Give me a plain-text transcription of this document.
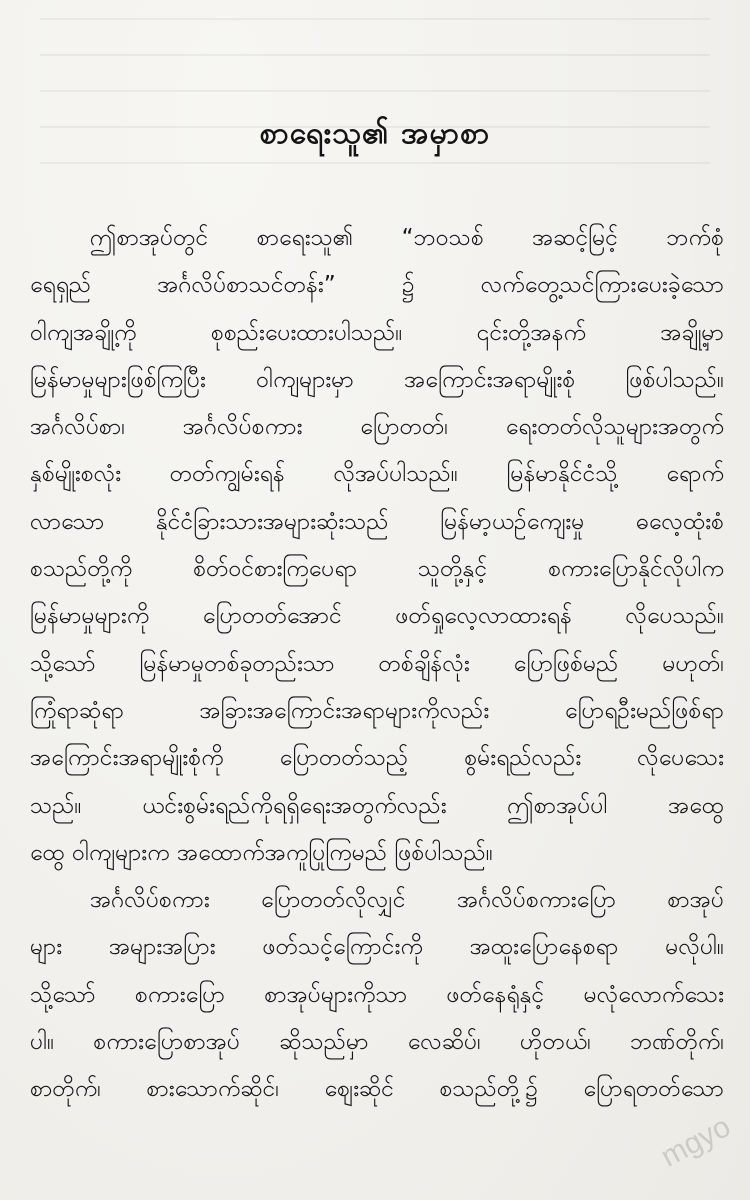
စာရေးသူ၏ အမှာစာ
ဤစာအုပ်တွင် စာရေးသူ၏ “ဘဝသစ် အဆင့်မြင့် ဘက်စုံ
ရေရှည် အင်္ဂလိပ်စာသင်တန်း” ၌ လက်တွေ့သင်ကြားပေးခဲ့သော
ဝါကျအချို့ကို စုစည်းပေးထားပါသည်။ ၎င်းတို့အနက် အချို့မှာ
မြန်မာမှုများဖြစ်ကြပြီး ဝါကျများမှာ အကြောင်းအရာမျိုးစုံ ဖြစ်ပါသည်။
အင်္ဂလိပ်စာ၊ အင်္ဂလိပ်စကား ပြောတတ်၊ ရေးတတ်လိုသူများအတွက်
နှစ်မျိုးစလုံး တတ်ကျွမ်းရန် လိုအပ်ပါသည်။ မြန်မာနိုင်ငံသို့ ရောက်
လာသော နိုင်ငံခြားသားအများဆုံးသည် မြန်မာ့ယဉ်ကျေးမှု ဓလေ့ထုံးစံ
စသည်တို့ကို စိတ်ဝင်စားကြပေရာ သူတို့နှင့် စကားပြောနိုင်လိုပါက
မြန်မာမှုများကို ပြောတတ်အောင် ဖတ်ရှုလေ့လာထားရန် လိုပေသည်။
သို့သော် မြန်မာမှုတစ်ခုတည်းသာ တစ်ချိန်လုံး ပြောဖြစ်မည် မဟုတ်၊
ကြုံရာဆုံရာ အခြားအကြောင်းအရာများကိုလည်း ပြောရဦးမည်ဖြစ်ရာ
အကြောင်းအရာမျိုးစုံကို ပြောတတ်သည့် စွမ်းရည်လည်း လိုပေသေး
သည်။ ယင်းစွမ်းရည်ကိုရရှိရေးအတွက်လည်း ဤစာအုပ်ပါ အထွေ
ထွေ ဝါကျများက အထောက်အကူပြုကြမည် ဖြစ်ပါသည်။
အင်္ဂလိပ်စကား ပြောတတ်လိုလျှင် အင်္ဂလိပ်စကားပြော စာအုပ်
များ အများအပြား ဖတ်သင့်ကြောင်းကို အထူးပြောနေစရာ မလိုပါ။
သို့သော် စကားပြော စာအုပ်များကိုသာ ဖတ်နေရုံနှင့် မလုံလောက်သေး
ပါ။ စကားပြောစာအုပ် ဆိုသည်မှာ လေဆိပ်၊ ဟိုတယ်၊ ဘဏ်တိုက်၊
စာတိုက်၊ စားသောက်ဆိုင်၊ ဈေးဆိုင် စသည်တို့၌ ပြောရတတ်သော
mgyo
